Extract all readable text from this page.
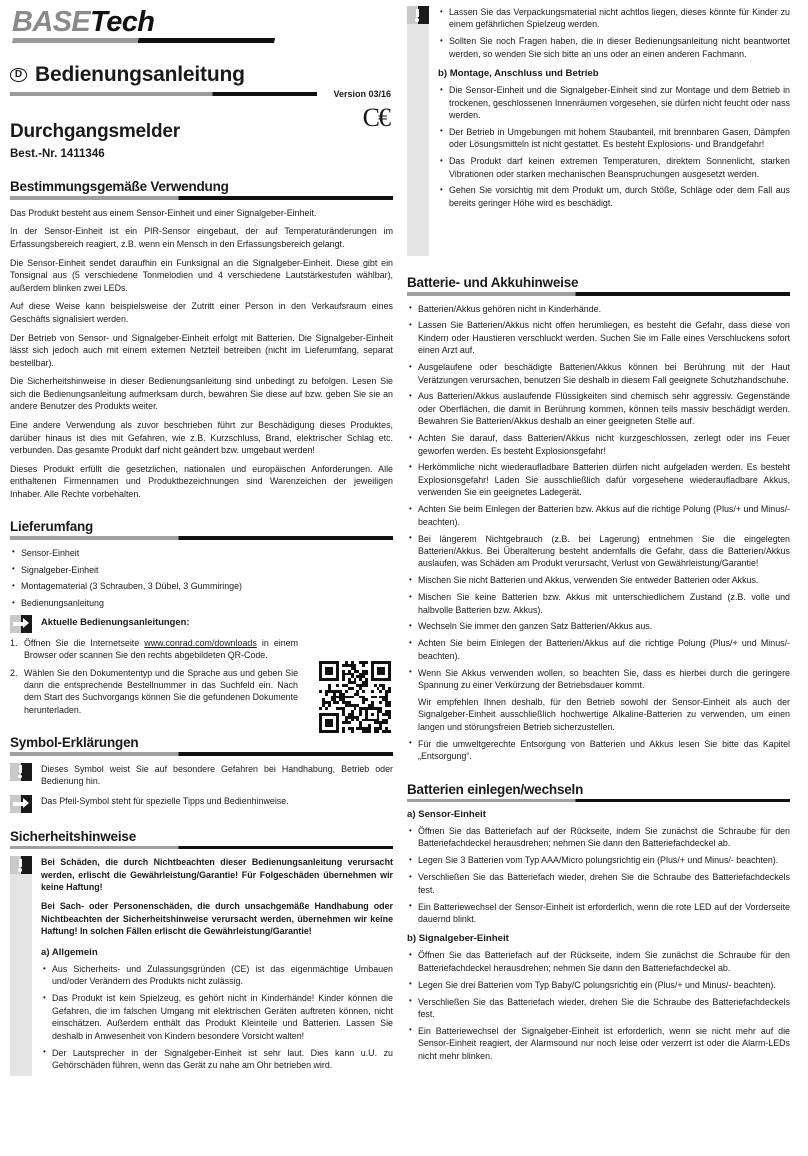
BASETech
D Bedienungsanleitung
Version 03/16
C€
Durchgangsmelder
Best.-Nr. 1411346
Bestimmungsgemäße Verwendung

Das Produkt besteht aus einem Sensor-Einheit und einer Signalgeber-Einheit.

In der Sensor-Einheit ist ein PIR-Sensor eingebaut, der auf Temperaturänderungen im Erfassungsbereich reagiert, z.B. wenn ein Mensch in den Erfassungsbereich gelangt.

Die Sensor-Einheit sendet daraufhin ein Funksignal an die Signalgeber-Einheit. Diese gibt ein Tonsignal aus (5 verschiedene Tonmelodien und 4 verschiedene Lautstärkestufen wählbar), außerdem blinken zwei LEDs.

Auf diese Weise kann beispielsweise der Zutritt einer Person in den Verkaufsraum eines Geschäfts signalisiert werden.

Der Betrieb von Sensor- und Signalgeber-Einheit erfolgt mit Batterien. Die Signalgeber-Einheit lässt sich jedoch auch mit einem externen Netzteil betreiben (nicht im Lieferumfang, separat bestellbar).

Die Sicherheitshinweise in dieser Bedienungsanleitung sind unbedingt zu befolgen. Lesen Sie sich die Bedienungsanleitung aufmerksam durch, bewahren Sie diese auf bzw. geben Sie sie an andere Benutzer des Produkts weiter.

Eine andere Verwendung als zuvor beschrieben führt zur Beschädigung dieses Produktes, darüber hinaus ist dies mit Gefahren, wie z.B. Kurzschluss, Brand, elektrischer Schlag etc. verbunden. Das gesamte Produkt darf nicht geändert bzw. umgebaut werden!

Dieses Produkt erfüllt die gesetzlichen, nationalen und europäischen Anforderungen. Alle enthaltenen Firmennamen und Produktbezeichnungen sind Warenzeichen der jeweiligen Inhaber. Alle Rechte vorbehalten.

Lieferumfang
• Sensor-Einheit
• Signalgeber-Einheit
• Montagematerial (3 Schrauben, 3 Dübel, 3 Gummiringe)
• Bedienungsanleitung
Aktuelle Bedienungsanleitungen:
Öffnen Sie die Internetseite www.conrad.com/downloads in einem Browser oder scannen Sie den rechts abgebildeten QR-Code.
Wählen Sie den Dokumententyp und die Sprache aus und geben Sie dann die entsprechende Bestellnummer in das Suchfeld ein. Nach dem Start des Suchvorgangs können Sie die gefundenen Dokumente herunterladen.
Symbol-Erklärungen
Dieses Symbol weist Sie auf besondere Gefahren bei Handhabung, Betrieb oder Bedienung hin.
Das Pfeil-Symbol steht für spezielle Tipps und Bedienhinweise.
Sicherheitshinweise

Bei Schäden, die durch Nichtbeachten dieser Bedienungsanleitung verursacht werden, erlischt die Gewährleistung/Garantie! Für Folgeschäden übernehmen wir keine Haftung!

Bei Sach- oder Personenschäden, die durch unsachgemäße Handhabung oder Nichtbeachten der Sicherheitshinweise verursacht werden, übernehmen wir keine Haftung! In solchen Fällen erlischt die Gewährleistung/Garantie!

a) Allgemein
• Aus Sicherheits- und Zulassungsgründen (CE) ist das eigenmächtige Umbauen und/oder Verändern des Produkts nicht zulässig.
• Das Produkt ist kein Spielzeug, es gehört nicht in Kinderhände! Kinder können die Gefahren, die im falschen Umgang mit elektrischen Geräten auftreten können, nicht einschätzen. Außerdem enthält das Produkt Kleinteile und Batterien. Lassen Sie deshalb in Anwesenheit von Kindern besondere Vorsicht walten!
• Der Lautsprecher in der Signalgeber-Einheit ist sehr laut. Dies kann u.U. zu Gehörschäden führen, wenn das Gerät zu nahe am Ohr betrieben wird.
• Lassen Sie das Verpackungsmaterial nicht achtlos liegen, dieses könnte für Kinder zu einem gefährlichen Spielzeug werden.
• Sollten Sie noch Fragen haben, die in dieser Bedienungsanleitung nicht beantwortet werden, so wenden Sie sich bitte an uns oder an einen anderen Fachmann.
b) Montage, Anschluss und Betrieb
• Die Sensor-Einheit und die Signalgeber-Einheit sind zur Montage und dem Betrieb in trockenen, geschlossenen Innenräumen vorgesehen, sie dürfen nicht feucht oder nass werden.
• Der Betrieb in Umgebungen mit hohem Staubanteil, mit brennbaren Gasen, Dämpfen oder Lösungsmitteln ist nicht gestattet. Es besteht Explosions- und Brandgefahr!
• Das Produkt darf keinen extremen Temperaturen, direktem Sonnenlicht, starken Vibrationen oder starken mechanischen Beanspruchungen ausgesetzt werden.
• Gehen Sie vorsichtig mit dem Produkt um, durch Stöße, Schläge oder dem Fall aus bereits geringer Höhe wird es beschädigt.
Batterie- und Akkuhinweise
• Batterien/Akkus gehören nicht in Kinderhände.
• Lassen Sie Batterien/Akkus nicht offen herumliegen, es besteht die Gefahr, dass diese von Kindern oder Haustieren verschluckt werden. Suchen Sie im Falle eines Verschluckens sofort einen Arzt auf.
• Ausgelaufene oder beschädigte Batterien/Akkus können bei Berührung mit der Haut Verätzungen verursachen, benutzen Sie deshalb in diesem Fall geeignete Schutzhandschuhe.
• Aus Batterien/Akkus auslaufende Flüssigkeiten sind chemisch sehr aggressiv. Gegenstände oder Oberflächen, die damit in Berührung kommen, können teils massiv beschädigt werden. Bewahren Sie Batterien/Akkus deshalb an einer geeigneten Stelle auf.
• Achten Sie darauf, dass Batterien/Akkus nicht kurzgeschlossen, zerlegt oder ins Feuer geworfen werden. Es besteht Explosionsgefahr!
• Herkömmliche nicht wiederaufladbare Batterien dürfen nicht aufgeladen werden. Es besteht Explosionsgefahr! Laden Sie ausschließlich dafür vorgesehene wiederaufladbare Akkus, verwenden Sie ein geeignetes Ladegerät.
• Achten Sie beim Einlegen der Batterien bzw. Akkus auf die richtige Polung (Plus/+ und Minus/- beachten).
• Bei längerem Nichtgebrauch (z.B. bei Lagerung) entnehmen Sie die eingelegten Batterien/Akkus. Bei Überalterung besteht andernfalls die Gefahr, dass die Batterien/Akkus auslaufen, was Schäden am Produkt verursacht, Verlust von Gewährleistung/Garantie!
• Mischen Sie nicht Batterien und Akkus, verwenden Sie entweder Batterien oder Akkus.
• Mischen Sie keine Batterien bzw. Akkus mit unterschiedlichem Zustand (z.B. volle und halbvolle Batterien bzw. Akkus).
• Wechseln Sie immer den ganzen Satz Batterien/Akkus aus.
• Achten Sie beim Einlegen der Batterien/Akkus auf die richtige Polung (Plus/+ und Minus/- beachten).
• Wenn Sie Akkus verwenden wollen, so beachten Sie, dass es hierbei durch die geringere Spannung zu einer Verkürzung der Betriebsdauer kommt.
Wir empfehlen Ihnen deshalb, für den Betrieb sowohl der Sensor-Einheit als auch der Signalgeber-Einheit ausschließlich hochwertige Alkaline-Batterien zu verwenden, um einen langen und störungsfreien Betrieb sicherzustellen.
• Für die umweltgerechte Entsorgung von Batterien und Akkus lesen Sie bitte das Kapitel „Entsorgung“.
Batterien einlegen/wechseln
a) Sensor-Einheit
• Öffnen Sie das Batteriefach auf der Rückseite, indem Sie zunächst die Schraube für den Batteriefachdeckel herausdrehen; nehmen Sie dann den Batteriefachdeckel ab.
• Legen Sie 3 Batterien vom Typ AAA/Micro polungsrichtig ein (Plus/+ und Minus/- beachten).
• Verschließen Sie das Batteriefach wieder, drehen Sie die Schraube des Batteriefachdeckels fest.
• Ein Batteriewechsel der Sensor-Einheit ist erforderlich, wenn die rote LED auf der Vorderseite dauernd blinkt.
b) Signalgeber-Einheit
• Öffnen Sie das Batteriefach auf der Rückseite, indem Sie zunächst die Schraube für den Batteriefachdeckel herausdrehen; nehmen Sie dann den Batteriefachdeckel ab.
• Legen Sie drei Batterien vom Typ Baby/C polungsrichtig ein (Plus/+ und Minus/- beachten).
• Verschließen Sie das Batteriefach wieder, drehen Sie die Schraube des Batteriefachdeckels fest.
• Ein Batteriewechsel der Signalgeber-Einheit ist erforderlich, wenn sie nicht mehr auf die Sensor-Einheit reagiert, der Alarmsound nur noch leise oder verzerrt ist oder die Alarm-LEDs nicht mehr blinken.
